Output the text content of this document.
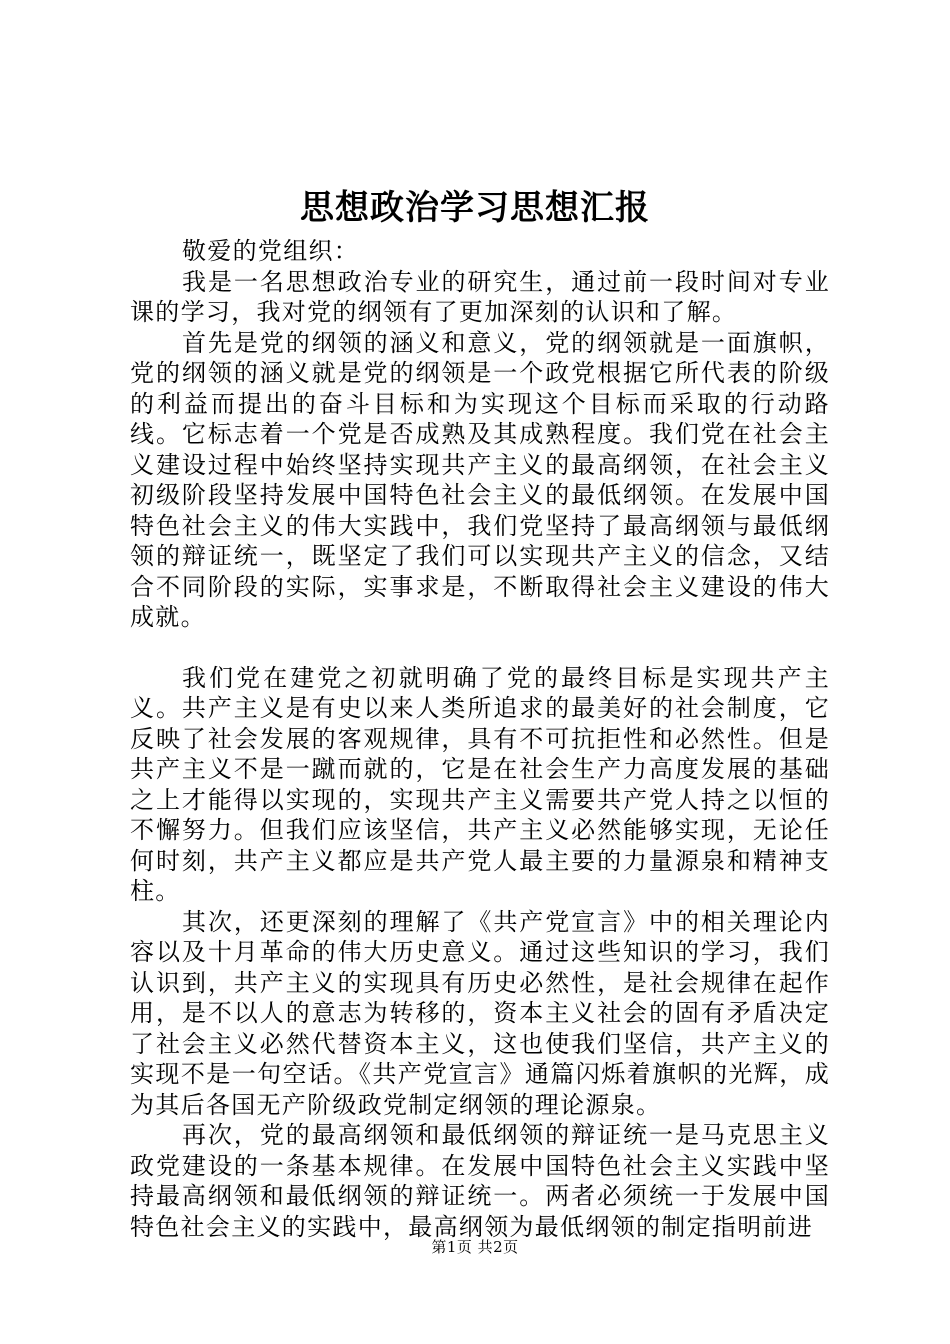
思想政治学习思想汇报

敬爱的党组织：

我是一名思想政治专业的研究生，通过前一段时间对专业课的学习，我对党的纲领有了更加深刻的认识和了解。

首先是党的纲领的涵义和意义，党的纲领就是一面旗帜，党的纲领的涵义就是党的纲领是一个政党根据它所代表的阶级的利益而提出的奋斗目标和为实现这个目标而采取的行动路线。它标志着一个党是否成熟及其成熟程度。我们党在社会主义建设过程中始终坚持实现共产主义的最高纲领，在社会主义初级阶段坚持发展中国特色社会主义的最低纲领。在发展中国特色社会主义的伟大实践中，我们党坚持了最高纲领与最低纲领的辩证统一，既坚定了我们可以实现共产主义的信念，又结合不同阶段的实际，实事求是，不断取得社会主义建设的伟大成就。

我们党在建党之初就明确了党的最终目标是实现共产主义。共产主义是有史以来人类所追求的最美好的社会制度，它反映了社会发展的客观规律，具有不可抗拒性和必然性。但是共产主义不是一蹴而就的，它是在社会生产力高度发展的基础之上才能得以实现的，实现共产主义需要共产党人持之以恒的不懈努力。但我们应该坚信，共产主义必然能够实现，无论任何时刻，共产主义都应是共产党人最主要的力量源泉和精神支柱。

其次，还更深刻的理解了《共产党宣言》中的相关理论内容以及十月革命的伟大历史意义。通过这些知识的学习，我们认识到，共产主义的实现具有历史必然性，是社会规律在起作用，是不以人的意志为转移的，资本主义社会的固有矛盾决定了社会主义必然代替资本主义，这也使我们坚信，共产主义的实现不是一句空话。《共产党宣言》通篇闪烁着旗帜的光辉，成为其后各国无产阶级政党制定纲领的理论源泉。

再次，党的最高纲领和最低纲领的辩证统一是马克思主义政党建设的一条基本规律。在发展中国特色社会主义实践中坚持最高纲领和最低纲领的辩证统一。两者必须统一于发展中国特色社会主义的实践中，最高纲领为最低纲领的制定指明前进

第1页 共2页
